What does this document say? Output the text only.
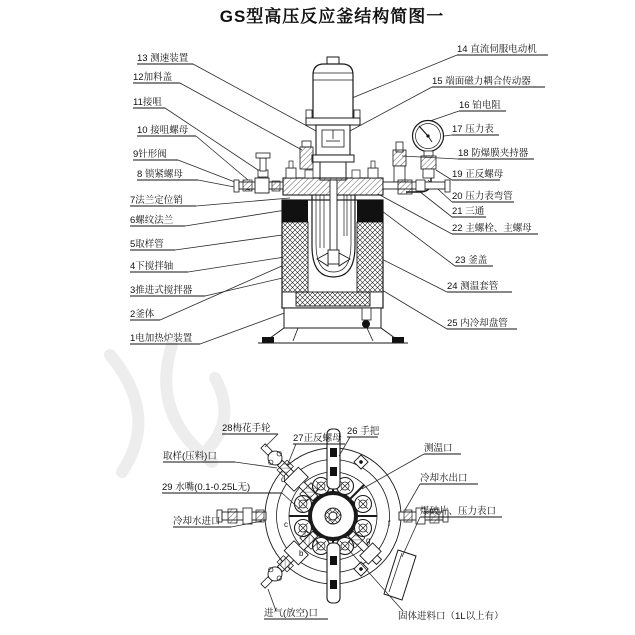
GS型高压反应釜结构简图一
13 测速装置
12加料盖
11接咀
10 接咀螺母
9针形阀
8 锁紧螺母
7法兰定位销
6螺纹法兰
5取样管
4下搅拌轴
3推进式搅拌器
2釜体
1电加热炉装置
14 直流伺服电动机
15 端面磁力耦合传动器
16 铂电阻
17 压力表
18 防爆膜夹持器
19 正反螺母
20 压力表弯管
21 三通
22 主螺栓、主螺母
23 釜盖
24 测温套管
25 内冷却盘管
28梅花手轮
27正反螺母
26 手把
取样(压料)口
测温口
29 水嘴(0.1-0.25L无)
冷却水出口
冷却水进口
爆破片、压力表口
进气(放空)口	固体进料口（1L以上有）
b
c
d
e
f
g
